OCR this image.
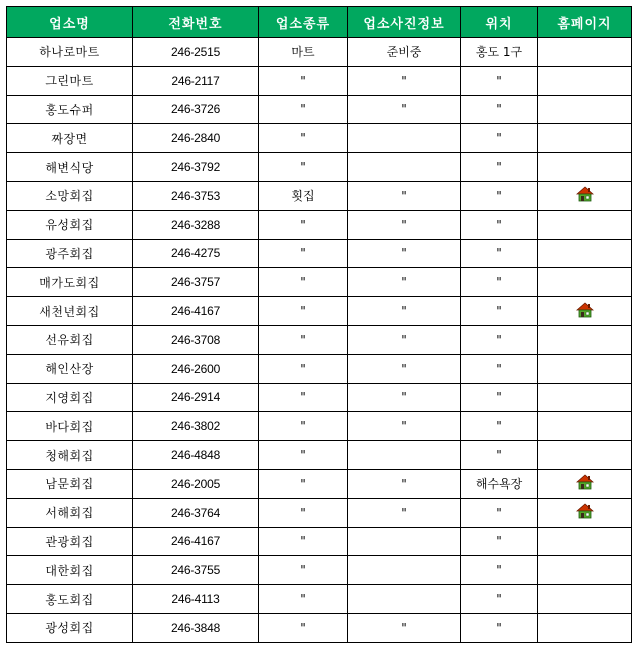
업소명	전화번호	업소종류	업소사진정보	위치	홈페이지
하나로마트	246-2515	마트	준비중	홍도 1구	
그린마트	246-2117	"	"	"	
홍도슈퍼	246-3726	"	"	"	
짜장면	246-2840	"		"	
해변식당	246-3792	"		"	
소망회집	246-3753	횟집	"	"	
유성회집	246-3288	"	"	"	
광주회집	246-4275	"	"	"	
매가도회집	246-3757	"	"	"	
새천년회집	246-4167	"	"	"	
선유회집	246-3708	"	"	"	
해인산장	246-2600	"	"	"	
지영회집	246-2914	"	"	"	
바다회집	246-3802	"	"	"	
청해회집	246-4848	"		"	
남문회집	246-2005	"	"	해수욕장	
서해회집	246-3764	"	"	"	
관광회집	246-4167	"		"	
대한회집	246-3755	"		"	
홍도회집	246-4113	"		"	
광성회집	246-3848	"	"	"	
